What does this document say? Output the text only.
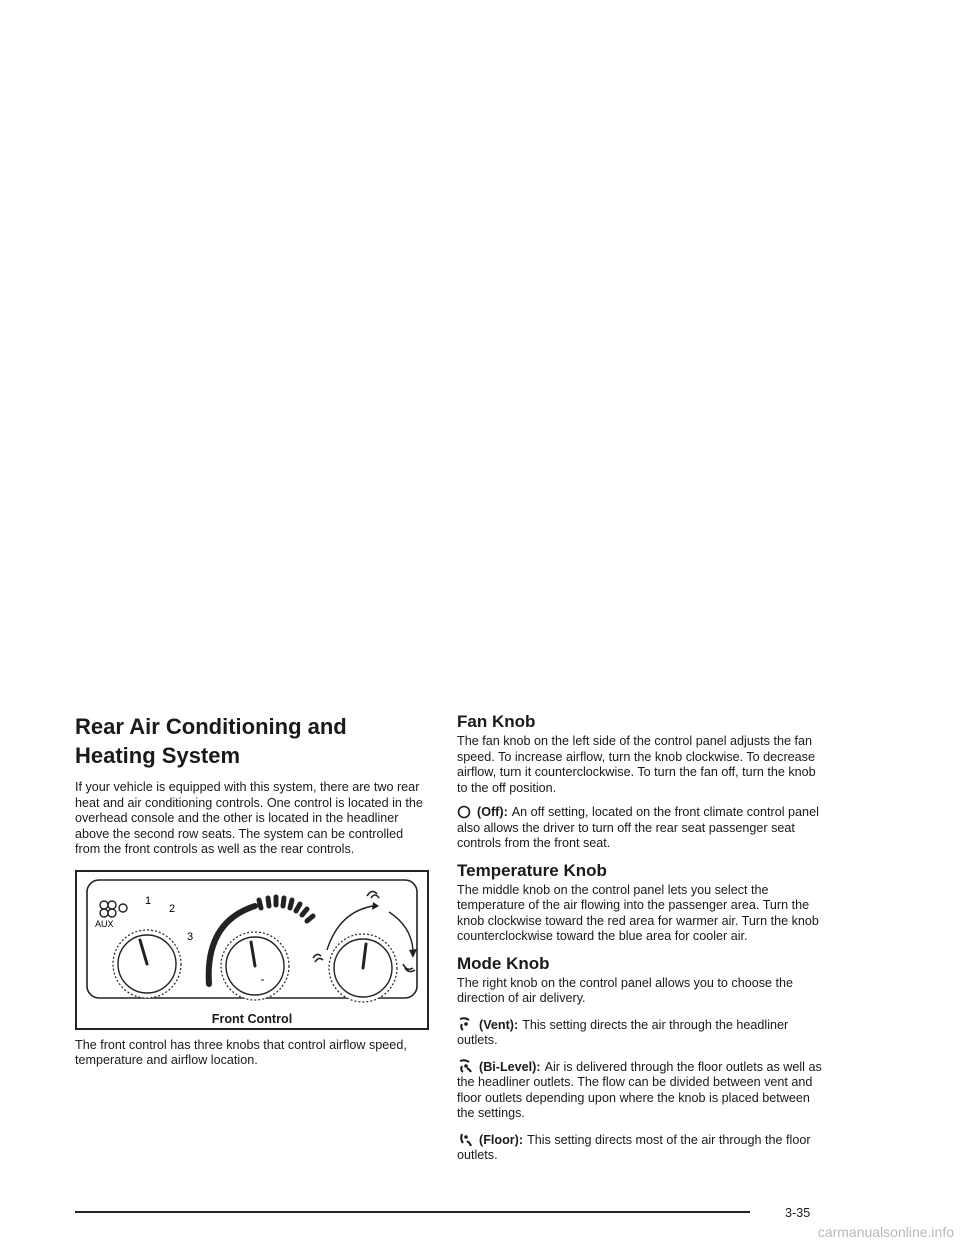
Rear Air Conditioning and Heating System

If your vehicle is equipped with this system, there are two rear heat and air conditioning controls. One control is located in the overhead console and the other is located in the headliner above the second row seats. The system can be controlled from the front controls as well as the rear controls.

AUX
1
2
3
Front Control

The front control has three knobs that control airflow speed, temperature and airflow location.

Fan Knob

The fan knob on the left side of the control panel adjusts the fan speed. To increase airflow, turn the knob clockwise. To decrease airflow, turn it counterclockwise. To turn the fan off, turn the knob to the off position.

(Off): An off setting, located on the front climate control panel also allows the driver to turn off the rear seat passenger seat controls from the front seat.

Temperature Knob

The middle knob on the control panel lets you select the temperature of the air flowing into the passenger area. Turn the knob clockwise toward the red area for warmer air. Turn the knob counterclockwise toward the blue area for cooler air.

Mode Knob

The right knob on the control panel allows you to choose the direction of air delivery.

(Vent): This setting directs the air through the headliner outlets.

(Bi-Level): Air is delivered through the floor outlets as well as the headliner outlets. The flow can be divided between vent and floor outlets depending upon where the knob is placed between the settings.

(Floor): This setting directs most of the air through the floor outlets.

3-35
carmanualsonline.info
